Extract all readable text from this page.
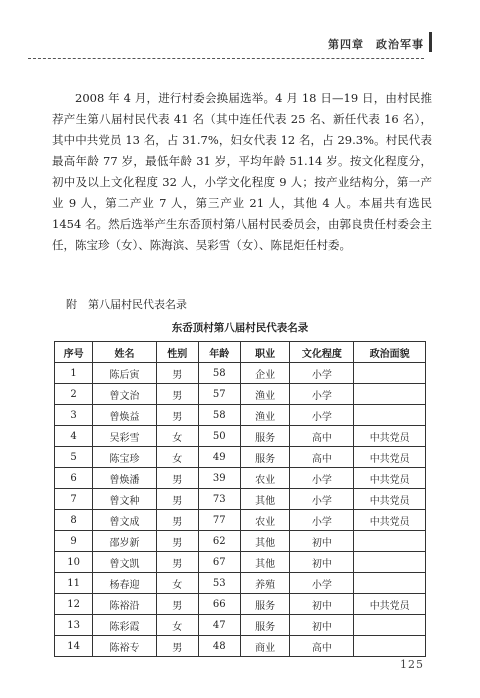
第四章　政治军事

2008 年 4 月，进行村委会换届选举。4 月 18 日—19 日，由村民推荐产生第八届村民代表 41 名（其中连任代表 25 名、新任代表 16 名），其中中共党员 13 名，占 31.7%，妇女代表 12 名，占 29.3%。村民代表最高年龄 77 岁，最低年龄 31 岁，平均年龄 51.14 岁。按文化程度分，初中及以上文化程度 32 人，小学文化程度 9 人；按产业结构分，第一产业 9 人，第二产业 7 人，第三产业 21 人，其他 4 人。本届共有选民 1454 名。然后选举产生东岙顶村第八届村民委员会，由郭良贵任村委会主任，陈宝珍（女）、陈海滨、吴彩雪（女）、陈昆炬任村委。

附　第八届村民代表名录
东岙顶村第八届村民代表名录
序号	姓名	性别	年龄	职业	文化程度	政治面貌
1	陈后寅	男	58	企业	小学	
2	曾文治	男	57	渔业	小学	
3	曾焕益	男	58	渔业	小学	
4	吴彩雪	女	50	服务	高中	中共党员
5	陈宝珍	女	49	服务	高中	中共党员
6	曾焕潘	男	39	农业	小学	中共党员
7	曾文种	男	73	其他	小学	中共党员
8	曾文成	男	77	农业	小学	中共党员
9	邵岁新	男	62	其他	初中	
10	曾文凯	男	67	其他	初中	
11	杨春迎	女	53	养殖	小学	
12	陈裕沿	男	66	服务	初中	中共党员
13	陈彩霞	女	47	服务	初中	
14	陈裕专	男	48	商业	高中	
125
